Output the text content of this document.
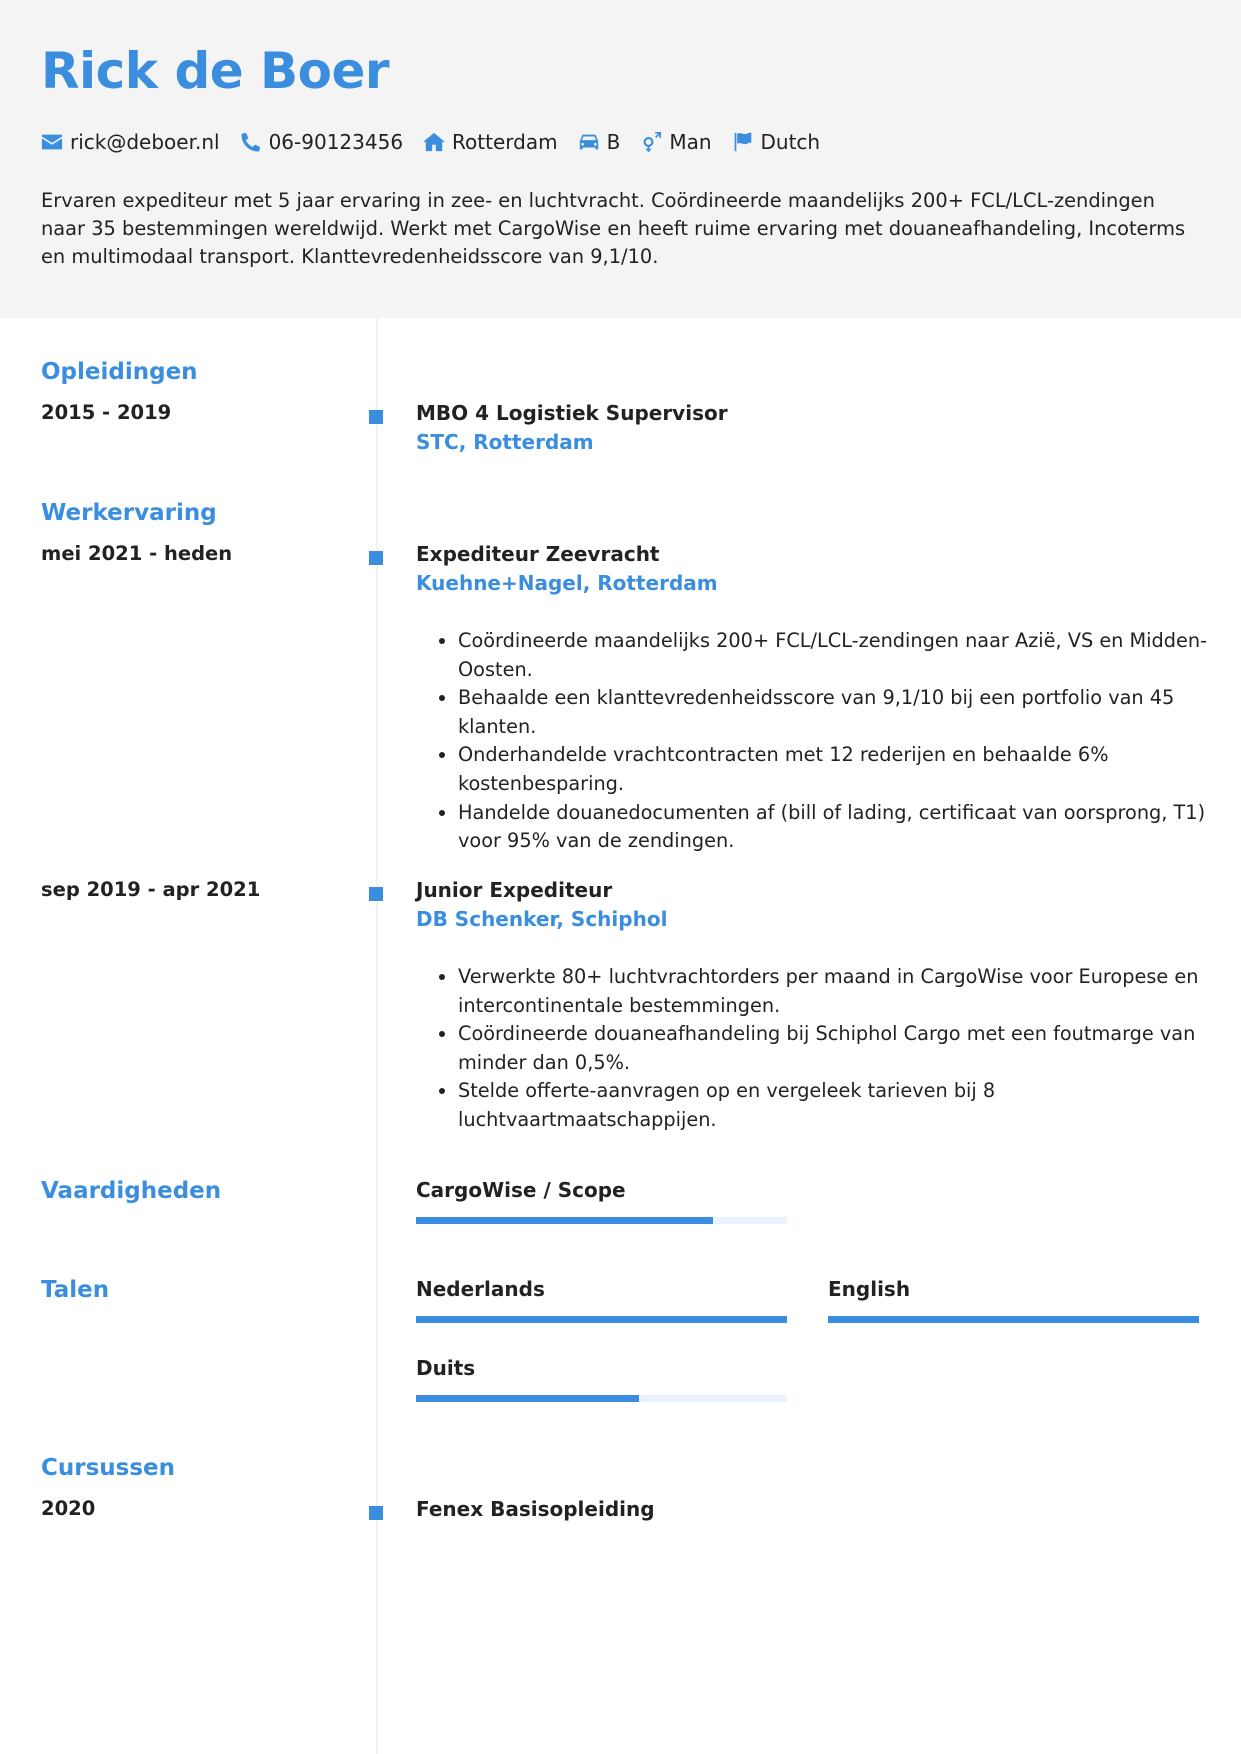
Rick de Boer
rick@deboer.nl 06-90123456 Rotterdam B Man Dutch

Ervaren expediteur met 5 jaar ervaring in zee- en luchtvracht. Coördineerde maandelijks 200+ FCL/LCL-zendingen naar 35 bestemmingen wereldwijd. Werkt met CargoWise en heeft ruime ervaring met douaneafhandeling, Incoterms en multimodaal transport. Klanttevredenheidsscore van 9,1/10.

Opleidingen
2015 - 2019	MBO 4 Logistiek Supervisor
STC, Rotterdam
Werkervaring
mei 2021 - heden	Expediteur Zeevracht
Kuehne+Nagel, Rotterdam
• Coördineerde maandelijks 200+ FCL/LCL-zendingen naar Azië, VS en Midden-Oosten.
• Behaalde een klanttevredenheidsscore van 9,1/10 bij een portfolio van 45 klanten.
• Onderhandelde vrachtcontracten met 12 rederijen en behaalde 6% kostenbesparing.
• Handelde douanedocumenten af (bill of lading, certificaat van oorsprong, T1) voor 95% van de zendingen.
sep 2019 - apr 2021	Junior Expediteur
DB Schenker, Schiphol
• Verwerkte 80+ luchtvrachtorders per maand in CargoWise voor Europese en intercontinentale bestemmingen.
• Coördineerde douaneafhandeling bij Schiphol Cargo met een foutmarge van minder dan 0,5%.
• Stelde offerte-aanvragen op en vergeleek tarieven bij 8 luchtvaartmaatschappijen.
Vaardigheden	CargoWise / Scope
Talen	Nederlands	English
Duits
Cursussen
2020	Fenex Basisopleiding
